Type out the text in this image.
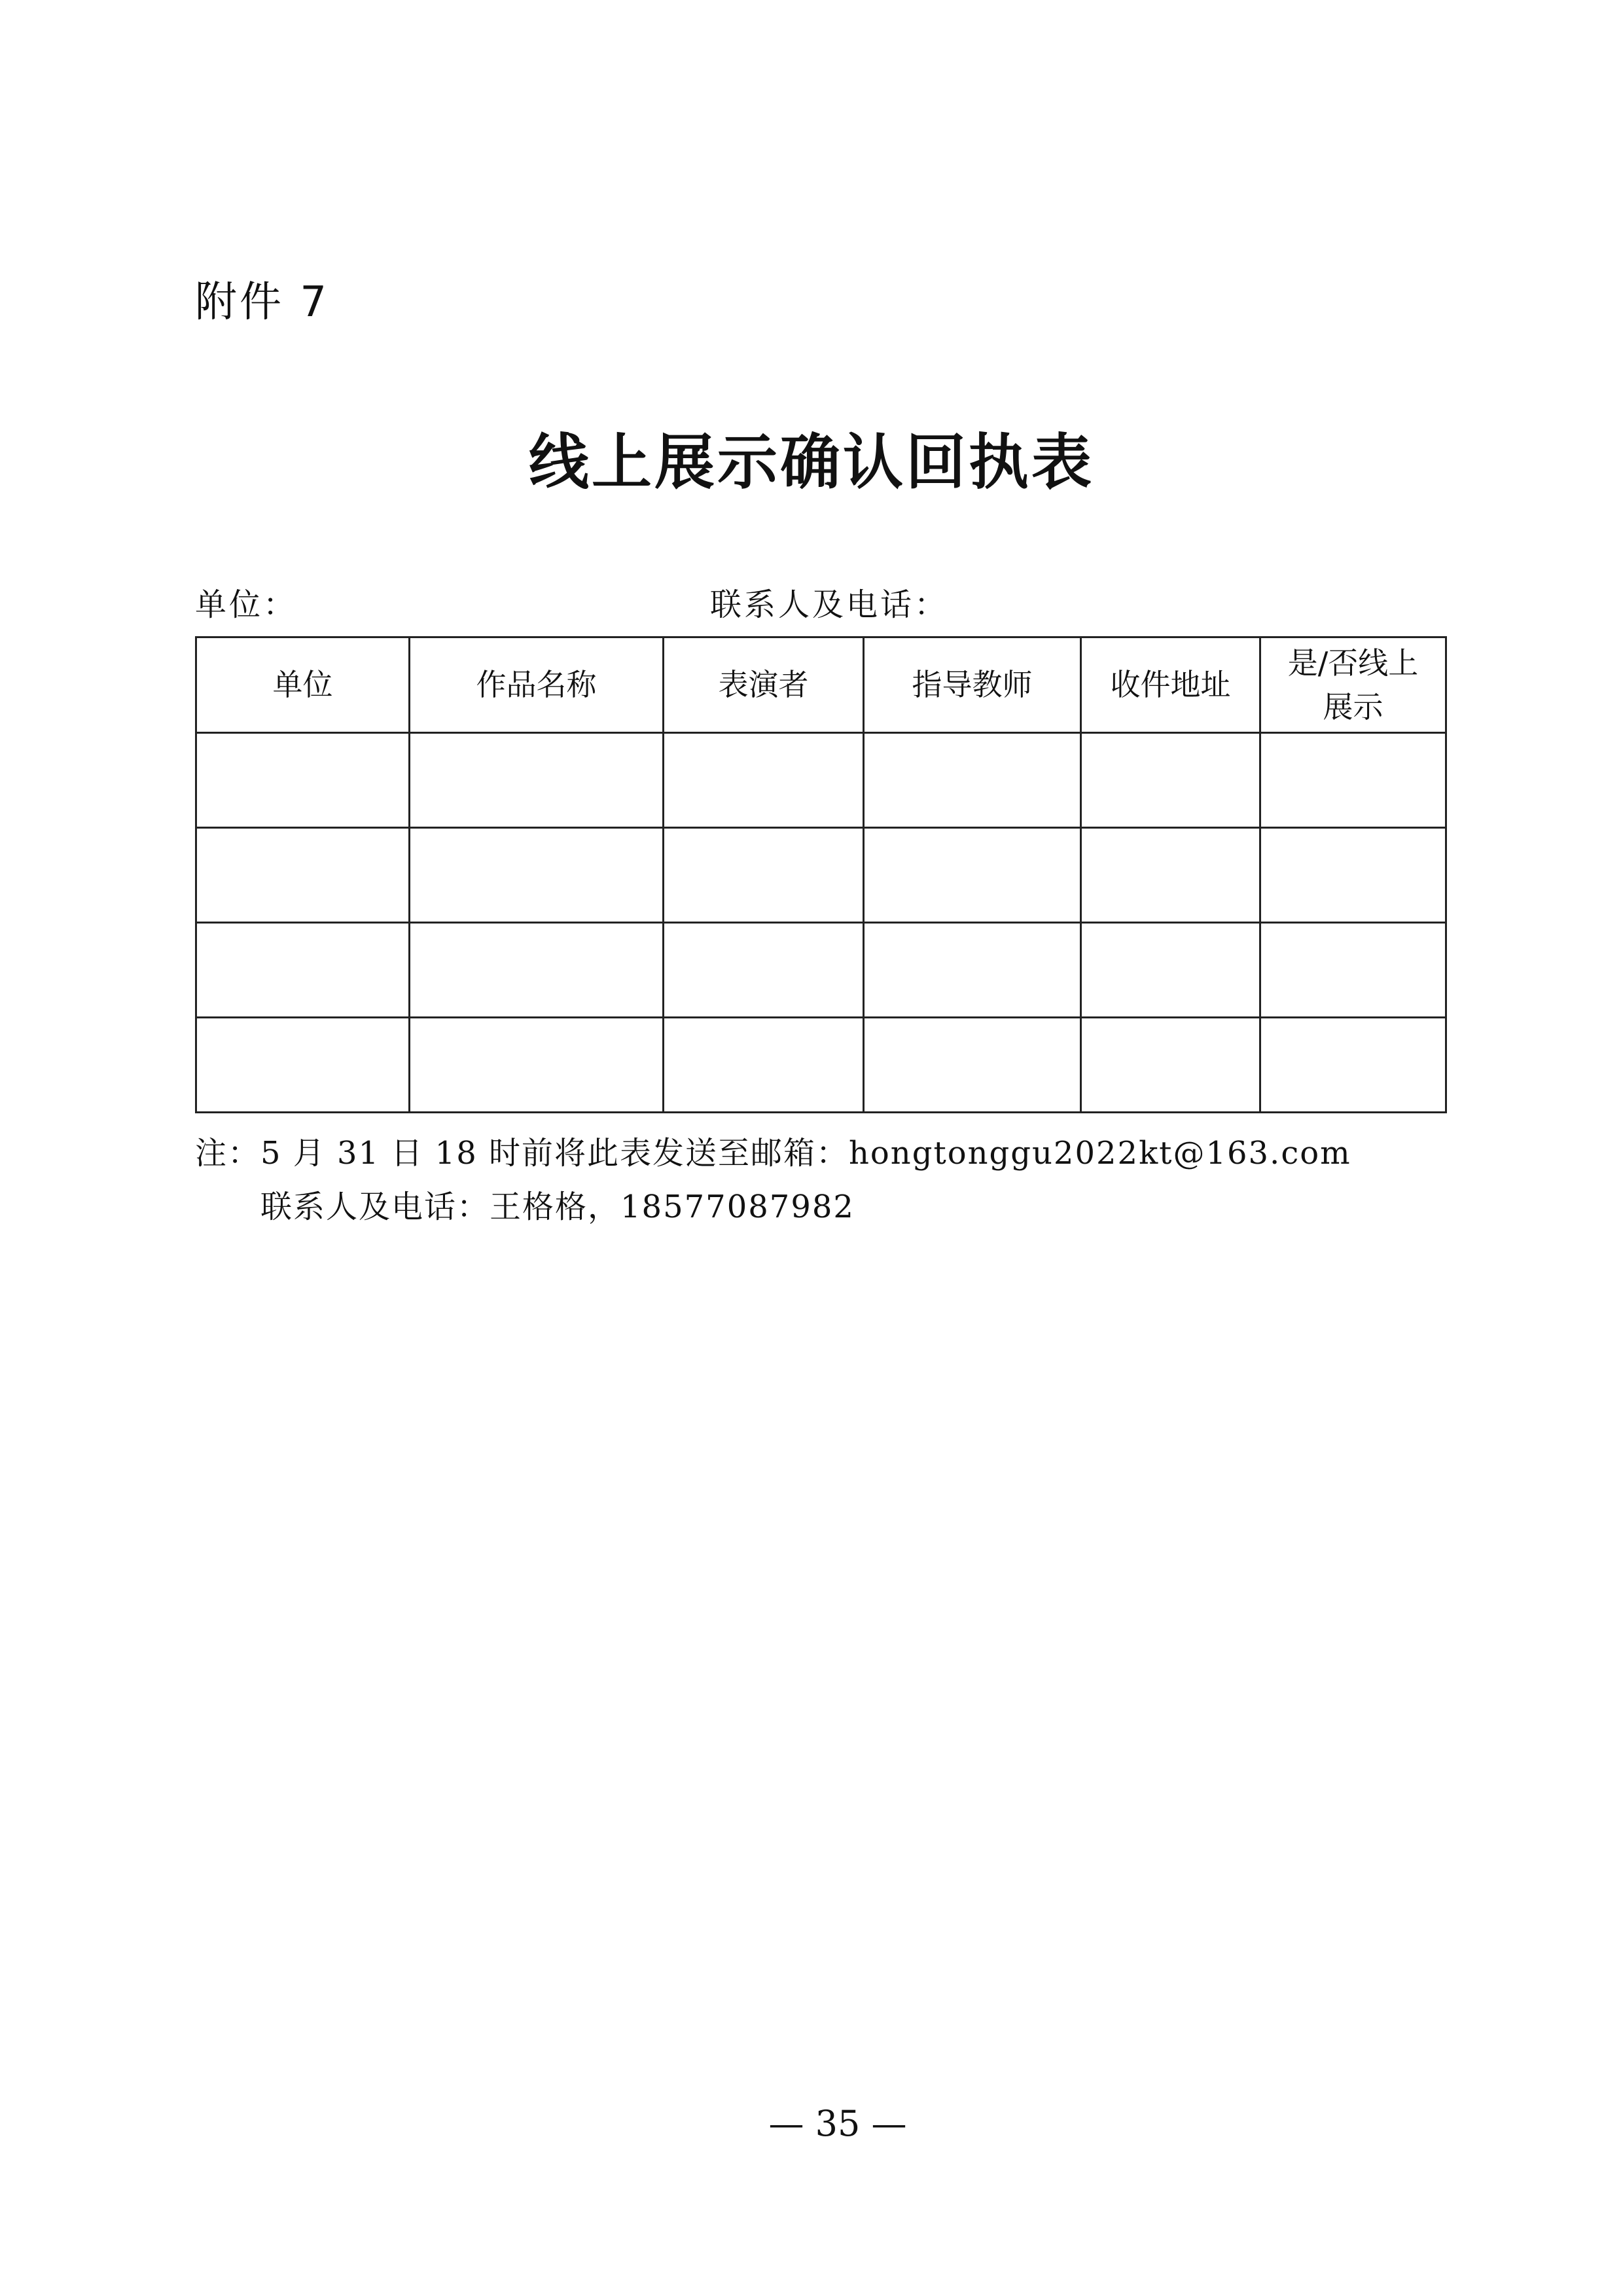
附件 7
线上展示确认回执表
单位：	联系人及电话：
单位	作品名称	表演者	指导教师	收件地址	是/否线上展示

注：5 月 31 日 18 时前将此表发送至邮箱：hongtonggu2022kt@163.com
联系人及电话：王格格，18577087982
— 35 —
